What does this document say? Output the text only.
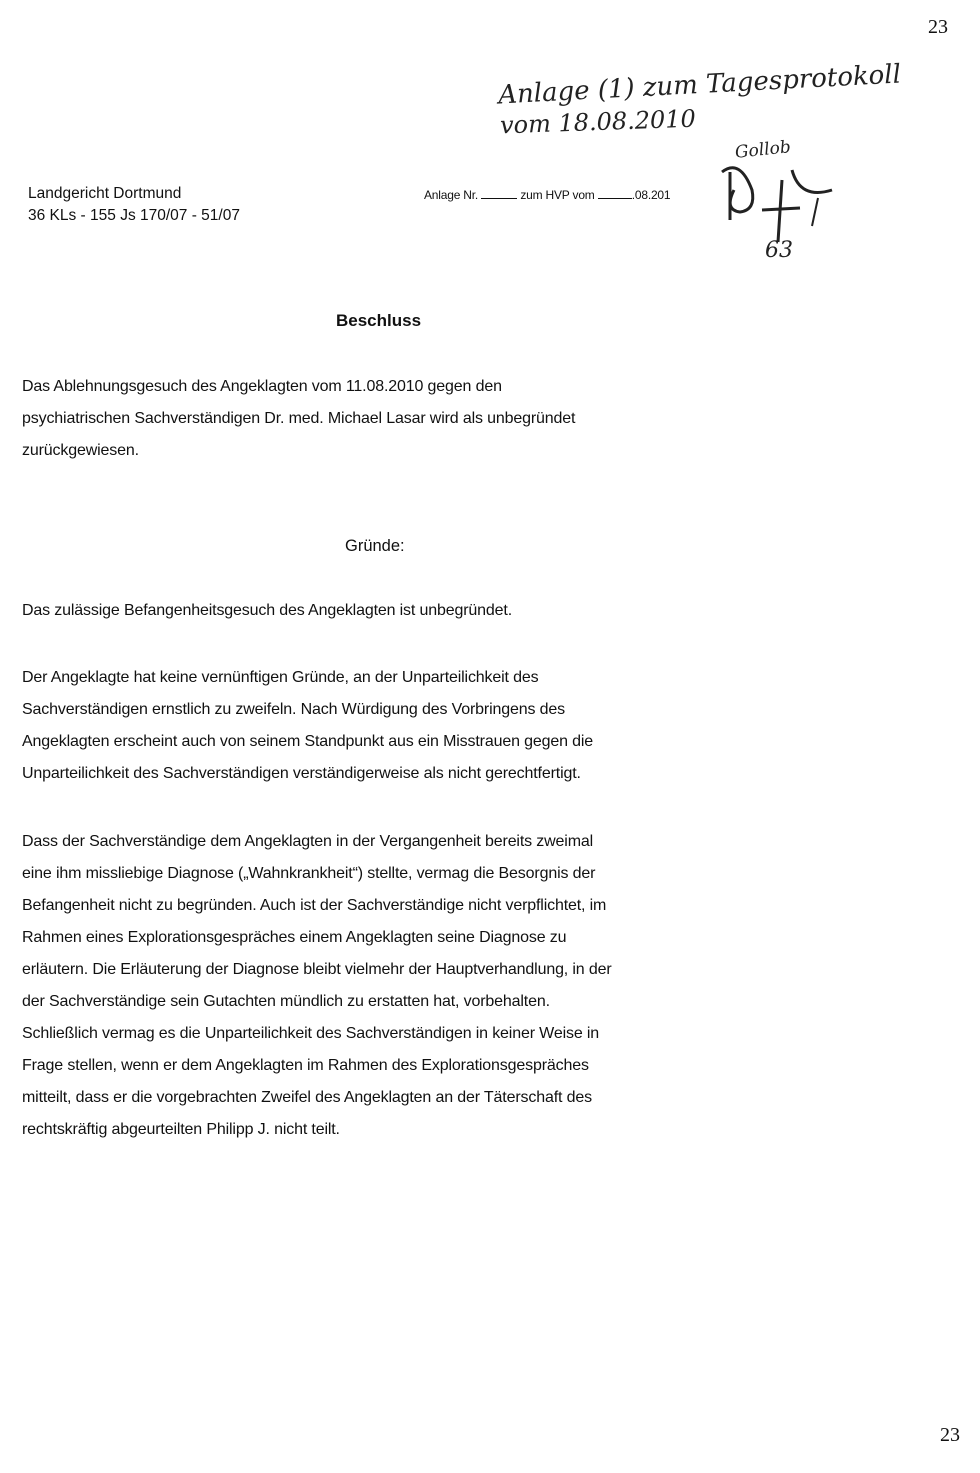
23
23
Landgericht Dortmund
36 KLs - 155 Js 170/07 - 51/07
Anlage Nr.	zum HVP vom	.08.201
Anlage (1) zum Tagesprotokoll
vom 18.08.2010
Gollob
63
Beschluss

Das Ablehnungsgesuch des Angeklagten vom 11.08.2010 gegen den

psychiatrischen Sachverständigen Dr. med. Michael Lasar wird als unbegründet

zurückgewiesen.

Gründe:

Das zulässige Befangenheitsgesuch des Angeklagten ist unbegründet.

Der Angeklagte hat keine vernünftigen Gründe, an der Unparteilichkeit des

Sachverständigen ernstlich zu zweifeln. Nach Würdigung des Vorbringens des

Angeklagten erscheint auch von seinem Standpunkt aus ein Misstrauen gegen die

Unparteilichkeit des Sachverständigen verständigerweise als nicht gerechtfertigt.

Dass der Sachverständige dem Angeklagten in der Vergangenheit bereits zweimal

eine ihm missliebige Diagnose („Wahnkrankheit“) stellte, vermag die Besorgnis der

Befangenheit nicht zu begründen. Auch ist der Sachverständige nicht verpflichtet, im

Rahmen eines Explorationsgespräches einem Angeklagten seine Diagnose zu

erläutern. Die Erläuterung der Diagnose bleibt vielmehr der Hauptverhandlung, in der

der Sachverständige sein Gutachten mündlich zu erstatten hat, vorbehalten.

Schließlich vermag es die Unparteilichkeit des Sachverständigen in keiner Weise in

Frage stellen, wenn er dem Angeklagten im Rahmen des Explorationsgespräches

mitteilt, dass er die vorgebrachten Zweifel des Angeklagten an der Täterschaft des

rechtskräftig abgeurteilten Philipp J. nicht teilt.
